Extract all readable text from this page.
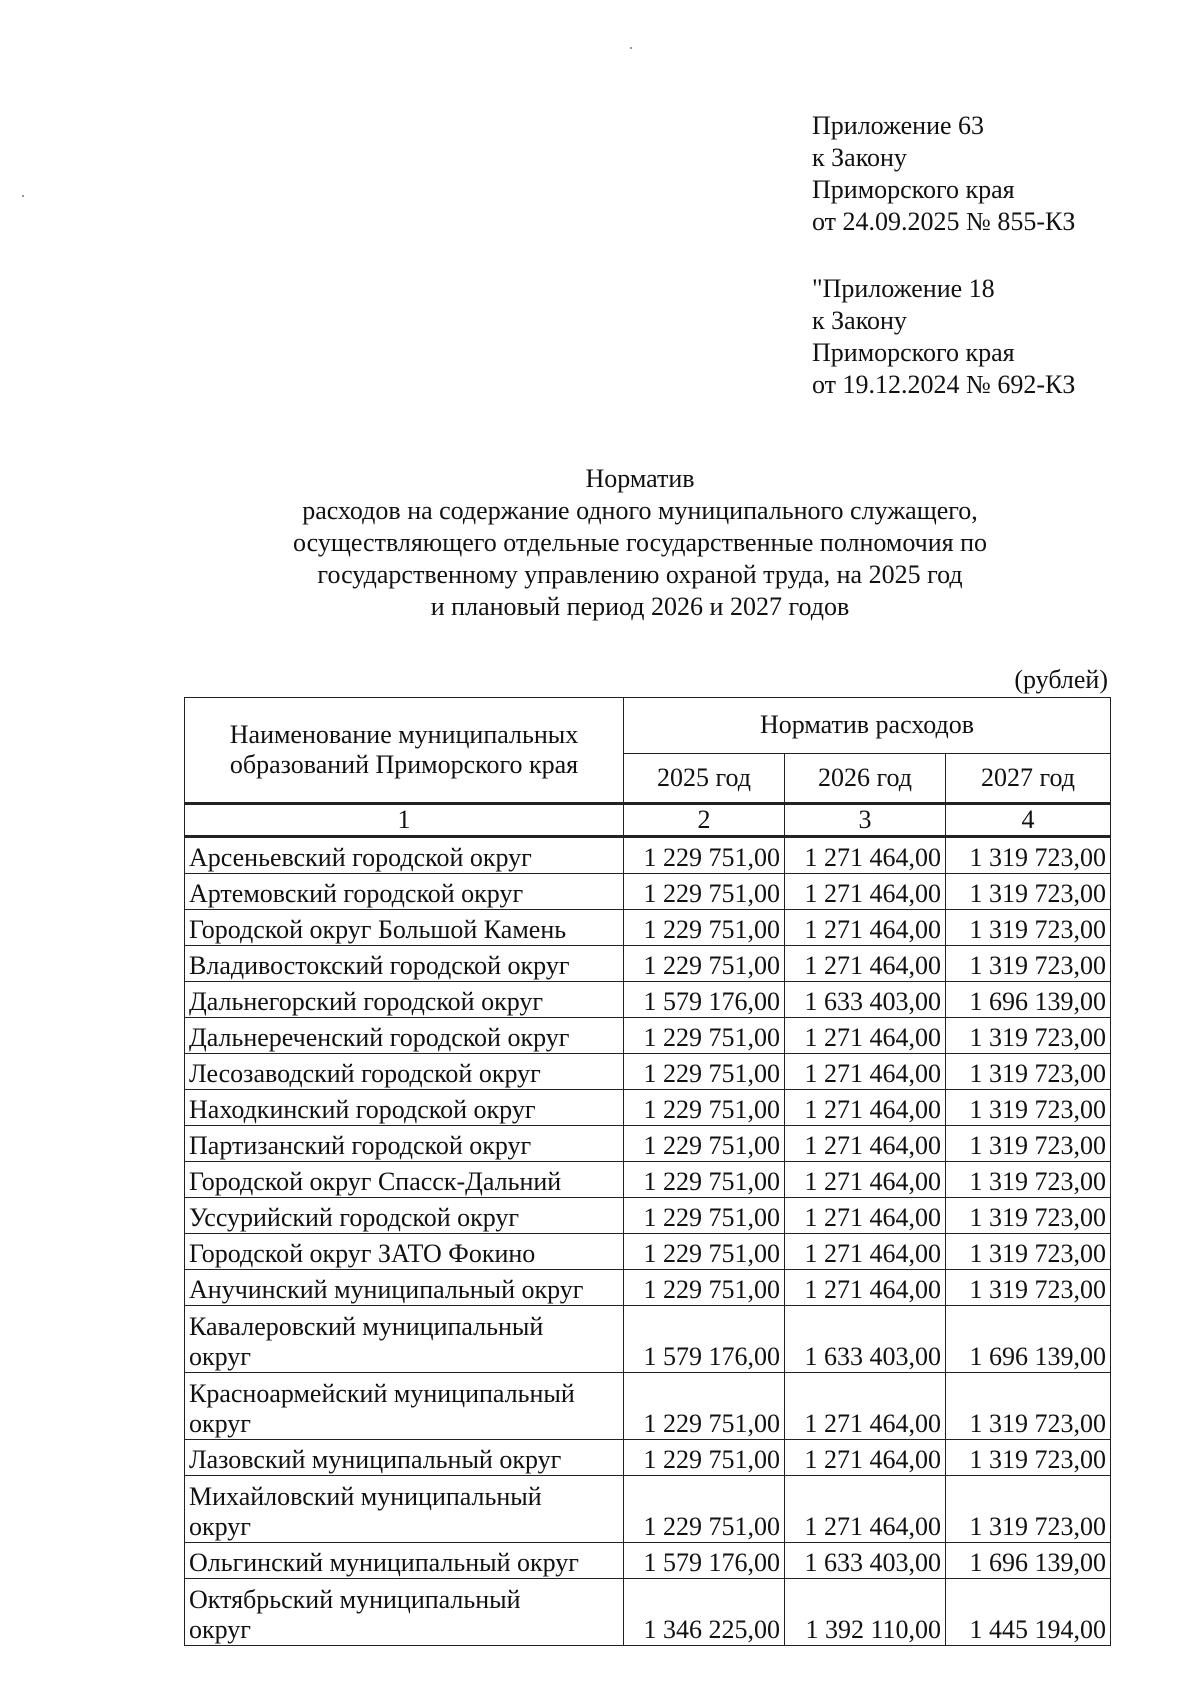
Приложение 63
к Закону
Приморского края
от 24.09.2025 № 855-КЗ
"Приложение 18
к Закону
Приморского края
от 19.12.2024 № 692-КЗ
Норматив
расходов на содержание одного муниципального служащего,
осуществляющего отдельные государственные полномочия по
государственному управлению охраной труда, на 2025 год
и плановый период 2026 и 2027 годов
(рублей)
Наименование муниципальных
образований Приморского края	Норматив расходов		
	2025 год	2026 год	2027 год
1	2	3	4

Арсеньевский городской округ	1 229 751,00	1 271 464,00	1 319 723,00

Артемовский городской округ	1 229 751,00	1 271 464,00	1 319 723,00

Городской округ Большой Камень	1 229 751,00	1 271 464,00	1 319 723,00

Владивостокский городской округ	1 229 751,00	1 271 464,00	1 319 723,00

Дальнегорский городской округ	1 579 176,00	1 633 403,00	1 696 139,00

Дальнереченский городской округ	1 229 751,00	1 271 464,00	1 319 723,00

Лесозаводский городской округ	1 229 751,00	1 271 464,00	1 319 723,00

Находкинский городской округ	1 229 751,00	1 271 464,00	1 319 723,00

Партизанский городской округ	1 229 751,00	1 271 464,00	1 319 723,00

Городской округ Спасск-Дальний	1 229 751,00	1 271 464,00	1 319 723,00

Уссурийский городской округ	1 229 751,00	1 271 464,00	1 319 723,00

Городской округ ЗАТО Фокино	1 229 751,00	1 271 464,00	1 319 723,00

Анучинский муниципальный округ	1 229 751,00	1 271 464,00	1 319 723,00

Кавалеровский муниципальный
округ	1 579 176,00	1 633 403,00	1 696 139,00

Красноармейский муниципальный
округ	1 229 751,00	1 271 464,00	1 319 723,00

Лазовский муниципальный округ	1 229 751,00	1 271 464,00	1 319 723,00

Михайловский муниципальный
округ	1 229 751,00	1 271 464,00	1 319 723,00

Ольгинский муниципальный округ	1 579 176,00	1 633 403,00	1 696 139,00

Октябрьский муниципальный
округ	1 346 225,00	1 392 110,00	1 445 194,00
